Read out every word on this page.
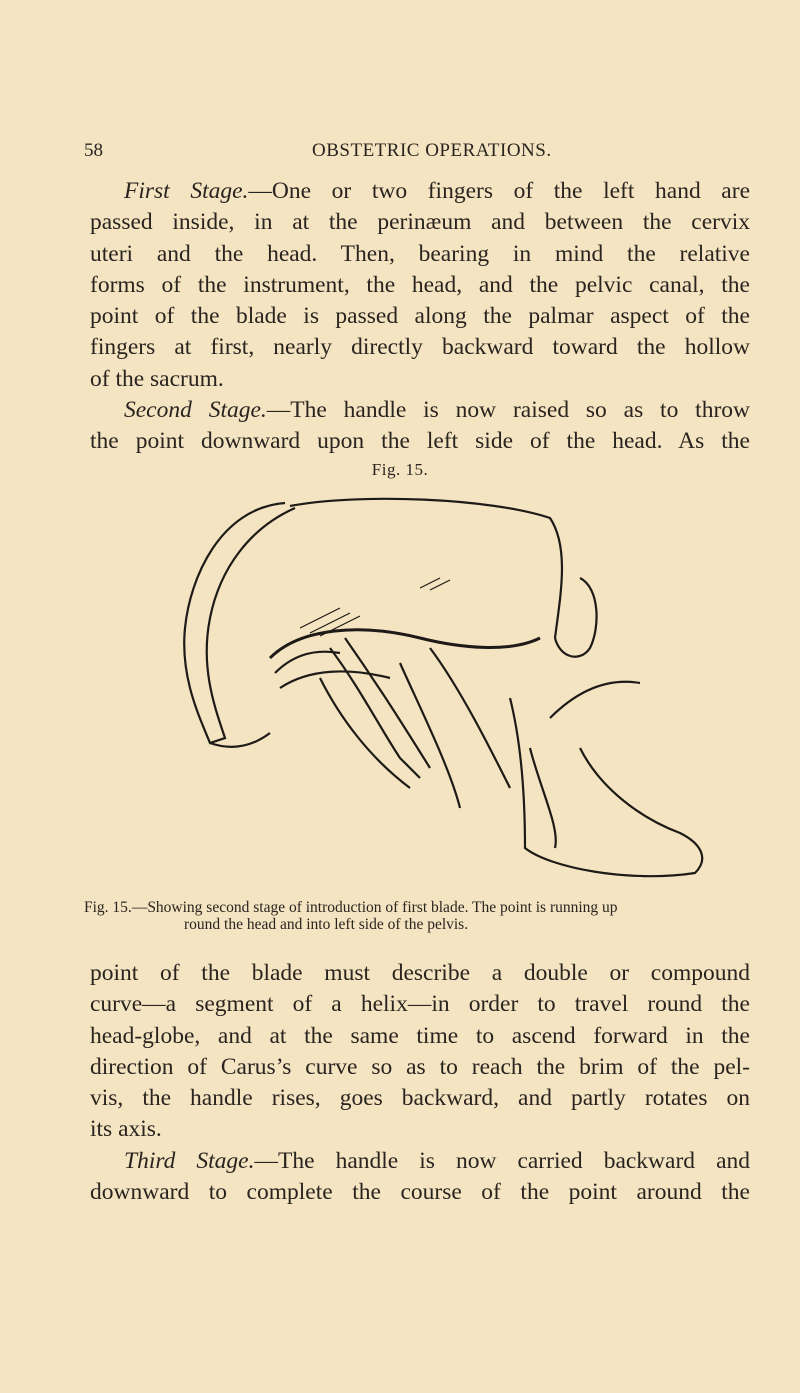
58	OBSTETRIC OPERATIONS.
First Stage.—One or two fingers of the left hand are
passed inside, in at the perinæum and between the cervix
uteri and the head. Then, bearing in mind the relative
forms of the instrument, the head, and the pelvic canal, the
point of the blade is passed along the palmar aspect of the
fingers at first, nearly directly backward toward the hollow
of the sacrum.
Second Stage.—The handle is now raised so as to throw
the point downward upon the left side of the head. As the
Fig. 15.
Fig. 15.—Showing second stage of introduction of first blade. The point is running up
round the head and into left side of the pelvis.
point of the blade must describe a double or compound
curve—a segment of a helix—in order to travel round the
head-globe, and at the same time to ascend forward in the
direction of Carus’s curve so as to reach the brim of the pel-
vis, the handle rises, goes backward, and partly rotates on
its axis.
Third Stage.—The handle is now carried backward and
downward to complete the course of the point around the
